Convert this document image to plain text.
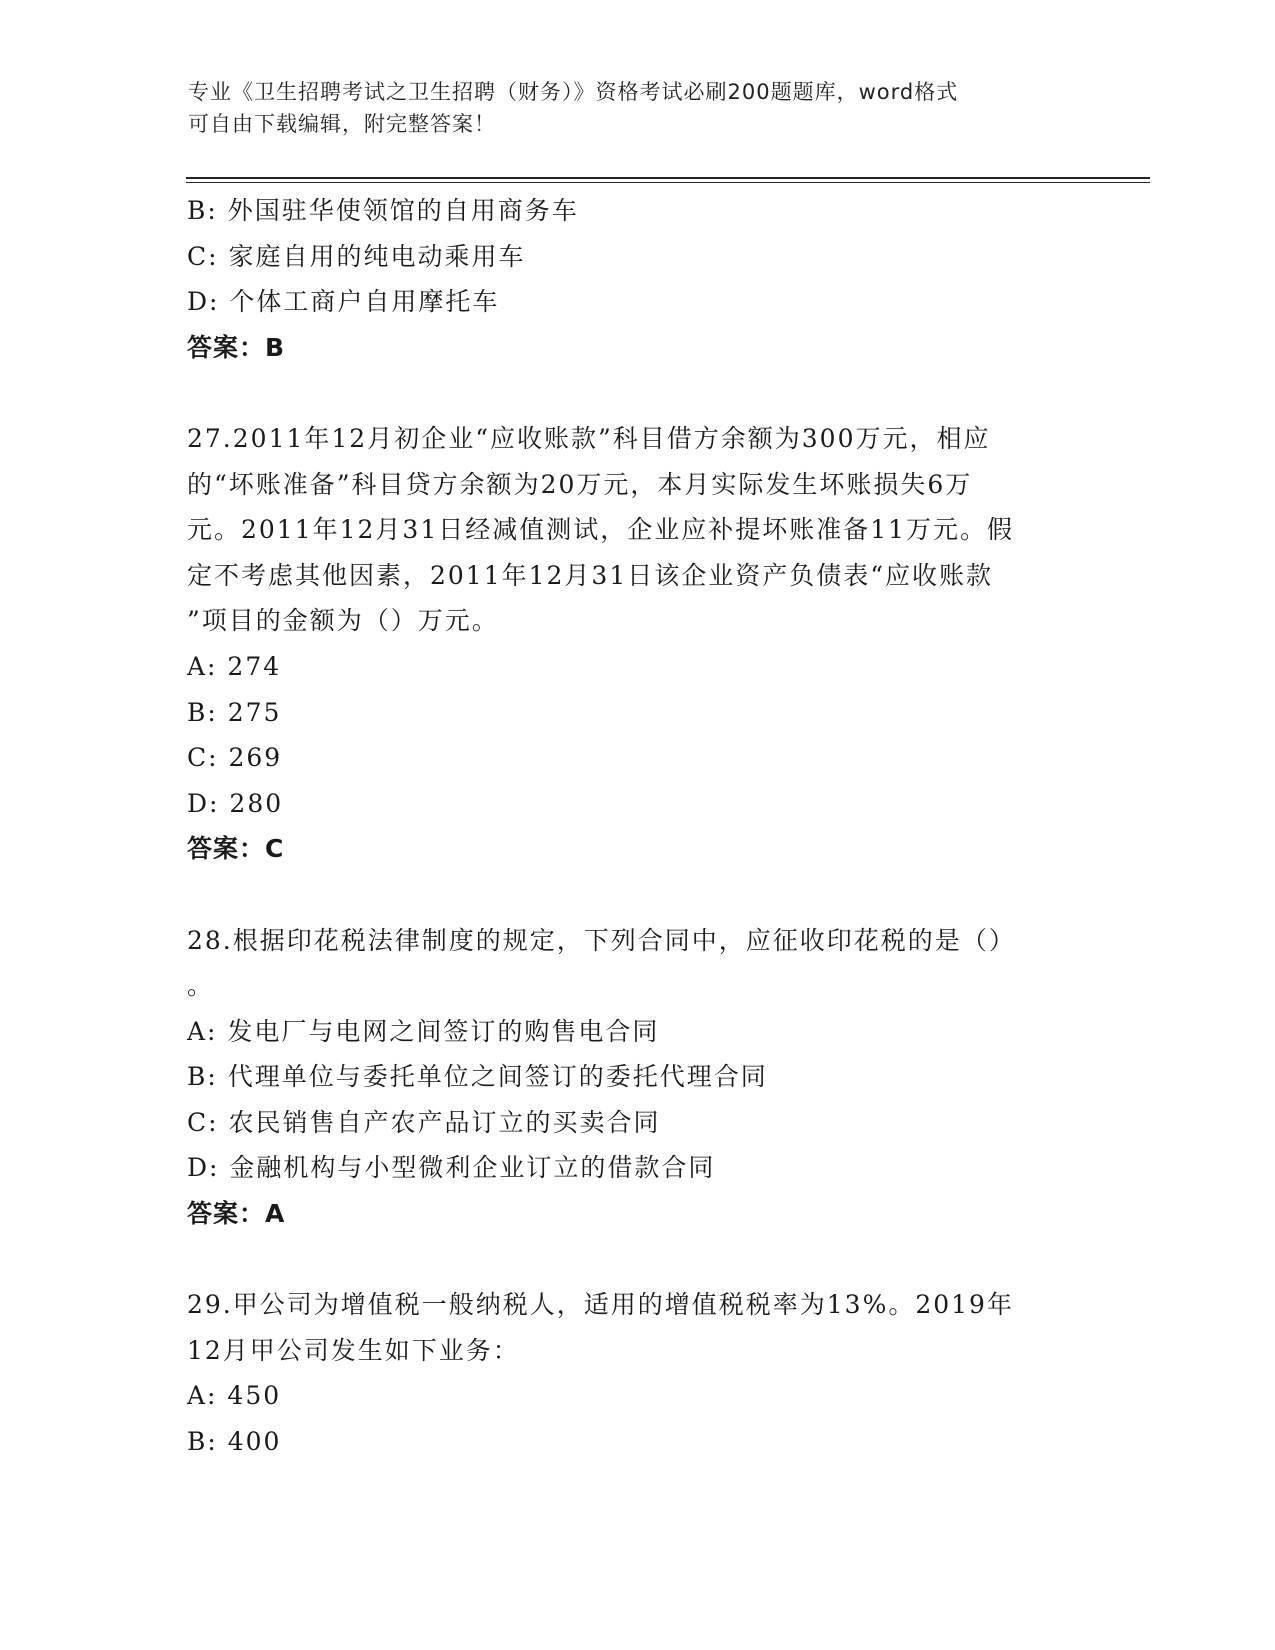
专业《卫生招聘考试之卫生招聘（财务）》资格考试必刷200题题库，word格式
可自由下载编辑，附完整答案！
B: 外国驻华使领馆的自用商务车
C: 家庭自用的纯电动乘用车
D: 个体工商户自用摩托车
答案：B
27.2011年12月初企业“应收账款”科目借方余额为300万元，相应
的“坏账准备”科目贷方余额为20万元，本月实际发生坏账损失6万
元。2011年12月31日经减值测试，企业应补提坏账准备11万元。假
定不考虑其他因素，2011年12月31日该企业资产负债表“应收账款
”项目的金额为（）万元。
A: 274
B: 275
C: 269
D: 280
答案：C
28.根据印花税法律制度的规定，下列合同中，应征收印花税的是（）
。
A: 发电厂与电网之间签订的购售电合同
B: 代理单位与委托单位之间签订的委托代理合同
C: 农民销售自产农产品订立的买卖合同
D: 金融机构与小型微利企业订立的借款合同
答案：A
29.甲公司为增值税一般纳税人，适用的增值税税率为13%。2019年
12月甲公司发生如下业务：
A: 450
B: 400
